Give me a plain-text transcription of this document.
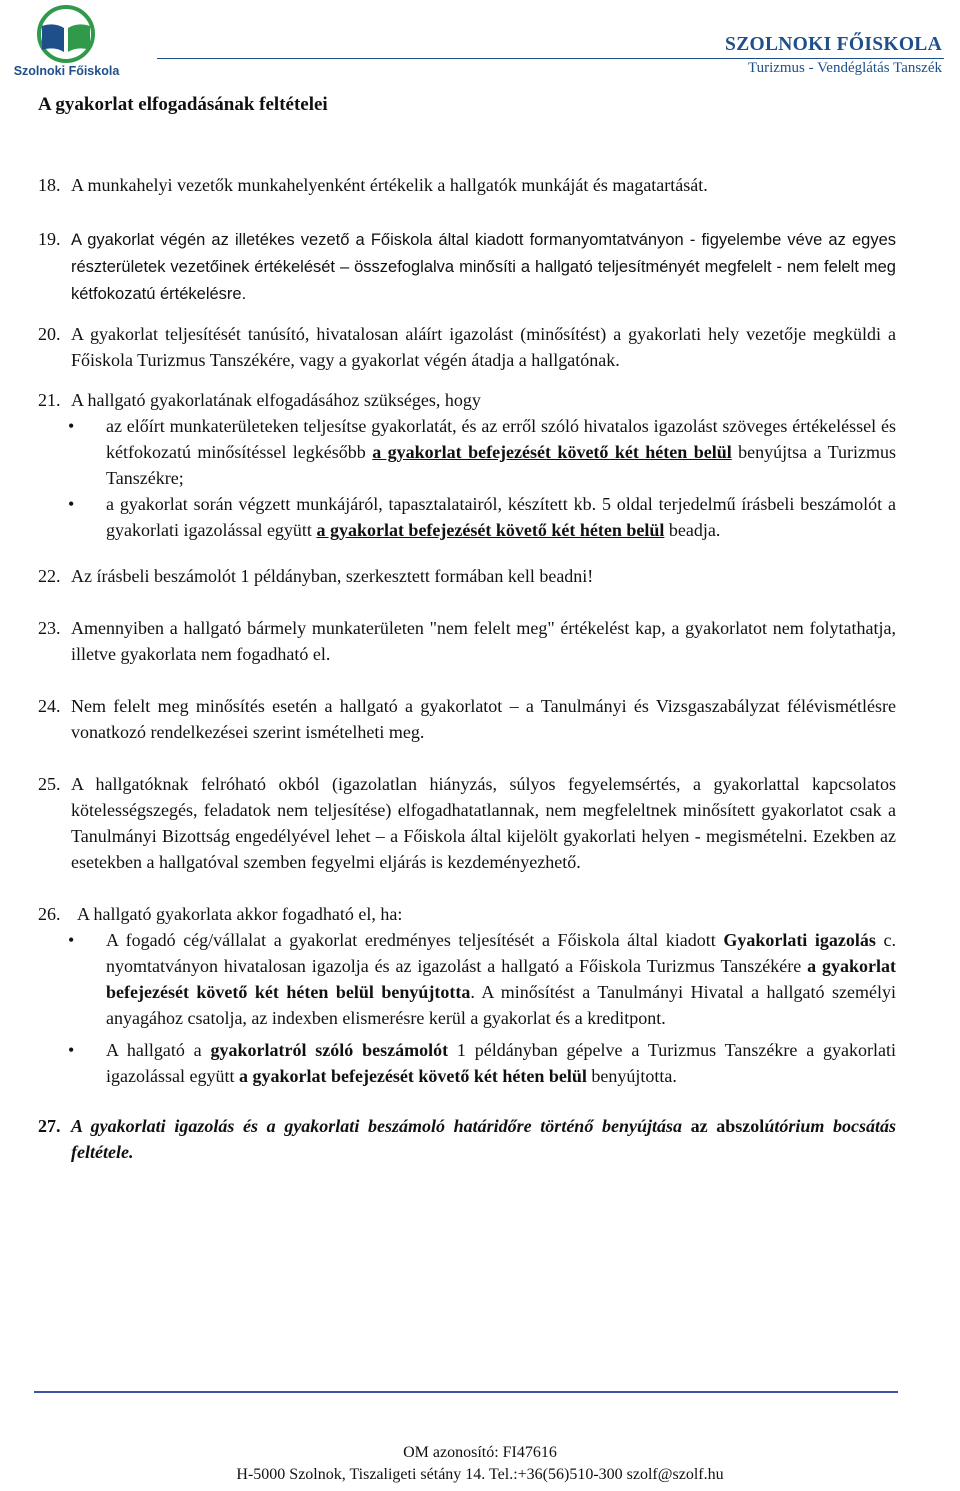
Szolnoki Főiskola
SZOLNOKI FŐISKOLA
Turizmus - Vendéglátás Tanszék
A gyakorlat elfogadásának feltételei

18. A munkahelyi vezetők munkahelyenként értékelik a hallgatók munkáját és magatartását.

19. A gyakorlat végén az illetékes vezető a Főiskola által kiadott formanyomtatványon - figyelembe véve az egyes részterületek vezetőinek értékelését – összefoglalva minősíti a hallgató teljesítményét megfelelt - nem felelt meg kétfokozatú értékelésre.

20. A gyakorlat teljesítését tanúsító, hivatalosan aláírt igazolást (minősítést) a gyakorlati hely vezetője megküldi a Főiskola Turizmus Tanszékére, vagy a gyakorlat végén átadja a hallgatónak.

21. A hallgató gyakorlatának elfogadásához szükséges, hogy

• az előírt munkaterületeken teljesítse gyakorlatát, és az erről szóló hivatalos igazolást szöveges értékeléssel és kétfokozatú minősítéssel legkésőbb a gyakorlat befejezését követő két héten belül benyújtsa a Turizmus Tanszékre;
• a gyakorlat során végzett munkájáról, tapasztalatairól, készített kb. 5 oldal terjedelmű írásbeli beszámolót a gyakorlati igazolással együtt a gyakorlat befejezését követő két héten belül beadja.

22. Az írásbeli beszámolót 1 példányban, szerkesztett formában kell beadni!

23. Amennyiben a hallgató bármely munkaterületen "nem felelt meg" értékelést kap, a gyakorlatot nem folytathatja, illetve gyakorlata nem fogadható el.

24. Nem felelt meg minősítés esetén a hallgató a gyakorlatot – a Tanulmányi és Vizsgaszabályzat félévismétlésre vonatkozó rendelkezései szerint ismételheti meg.

25. A hallgatóknak felróható okból (igazolatlan hiányzás, súlyos fegyelemsértés, a gyakorlattal kapcsolatos kötelességszegés, feladatok nem teljesítése) elfogadhatatlannak, nem megfeleltnek minősített gyakorlatot csak a Tanulmányi Bizottság engedélyével lehet – a Főiskola által kijelölt gyakorlati helyen - megismételni. Ezekben az esetekben a hallgatóval szemben fegyelmi eljárás is kezdeményezhető.

26. A hallgató gyakorlata akkor fogadható el, ha:

• A fogadó cég/vállalat a gyakorlat eredményes teljesítését a Főiskola által kiadott Gyakorlati igazolás c. nyomtatványon hivatalosan igazolja és az igazolást a hallgató a Főiskola Turizmus Tanszékére a gyakorlat befejezését követő két héten belül benyújtotta. A minősítést a Tanulmányi Hivatal a hallgató személyi anyagához csatolja, az indexben elismerésre kerül a gyakorlat és a kreditpont.
• A hallgató a gyakorlatról szóló beszámolót 1 példányban gépelve a Turizmus Tanszékre a gyakorlati igazolással együtt a gyakorlat befejezését követő két héten belül benyújtotta.

27. A gyakorlati igazolás és a gyakorlati beszámoló határidőre történő benyújtása az abszolútórium bocsátás feltétele.

OM azonosító: FI47616
H-5000 Szolnok, Tiszaligeti sétány 14. Tel.:+36(56)510-300 szolf@szolf.hu
